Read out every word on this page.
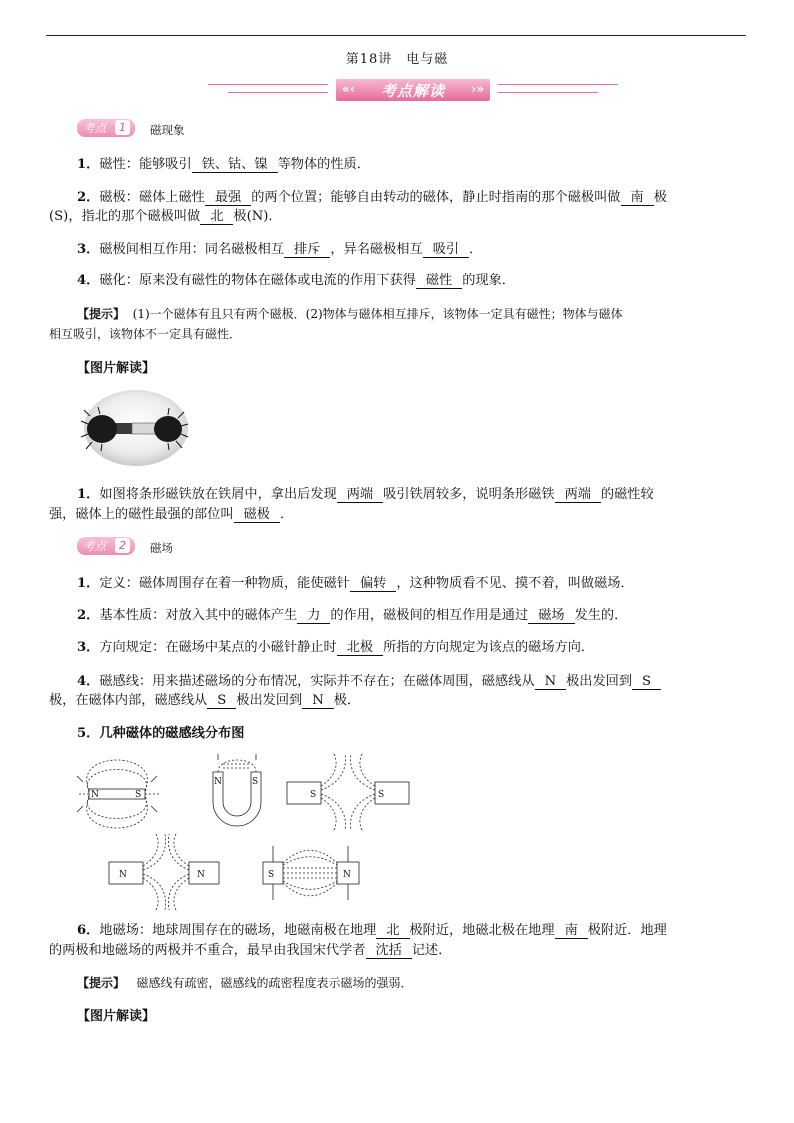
第18讲　电与磁
«‹	考点解读	›»
考点	1	磁现象
1．磁性：能够吸引 铁、钴、镍 等物体的性质．
2．磁极：磁体上磁性 最强 的两个位置；能够自由转动的磁体，静止时指南的那个磁极叫做 南 极
(S)，指北的那个磁极叫做 北 极(N)．
3．磁极间相互作用：同名磁极相互 排斥 ，异名磁极相互 吸引 ．
4．磁化：原来没有磁性的物体在磁体或电流的作用下获得 磁性 的现象．
【提示】 (1)一个磁体有且只有两个磁极．(2)物体与磁体相互排斥，该物体一定具有磁性；物体与磁体
相互吸引，该物体不一定具有磁性．
【图片解读】
1．如图将条形磁铁放在铁屑中，拿出后发现 两端 吸引铁屑较多，说明条形磁铁 两端 的磁性较
强，磁体上的磁性最强的部位叫 磁极 ．
考点	2	磁场
1．定义：磁体周围存在着一种物质，能使磁针 偏转 ，这种物质看不见、摸不着，叫做磁场．
2．基本性质：对放入其中的磁体产生 力 的作用，磁极间的相互作用是通过 磁场 发生的．
3．方向规定：在磁场中某点的小磁针静止时 北极 所指的方向规定为该点的磁场方向．
4．磁感线：用来描述磁场的分布情况，实际并不存在；在磁体周围，磁感线从 N 极出发回到 S
极，在磁体内部，磁感线从 S 极出发回到 N 极．
5．几种磁体的磁感线分布图
N	S
N	S
S	S
N	N	S	N
6．地磁场：地球周围存在的磁场，地磁南极在地理 北 极附近，地磁北极在地理 南 极附近．地理
的两极和地磁场的两极并不重合，最早由我国宋代学者 沈括 记述．
【提示】 磁感线有疏密，磁感线的疏密程度表示磁场的强弱．
【图片解读】
